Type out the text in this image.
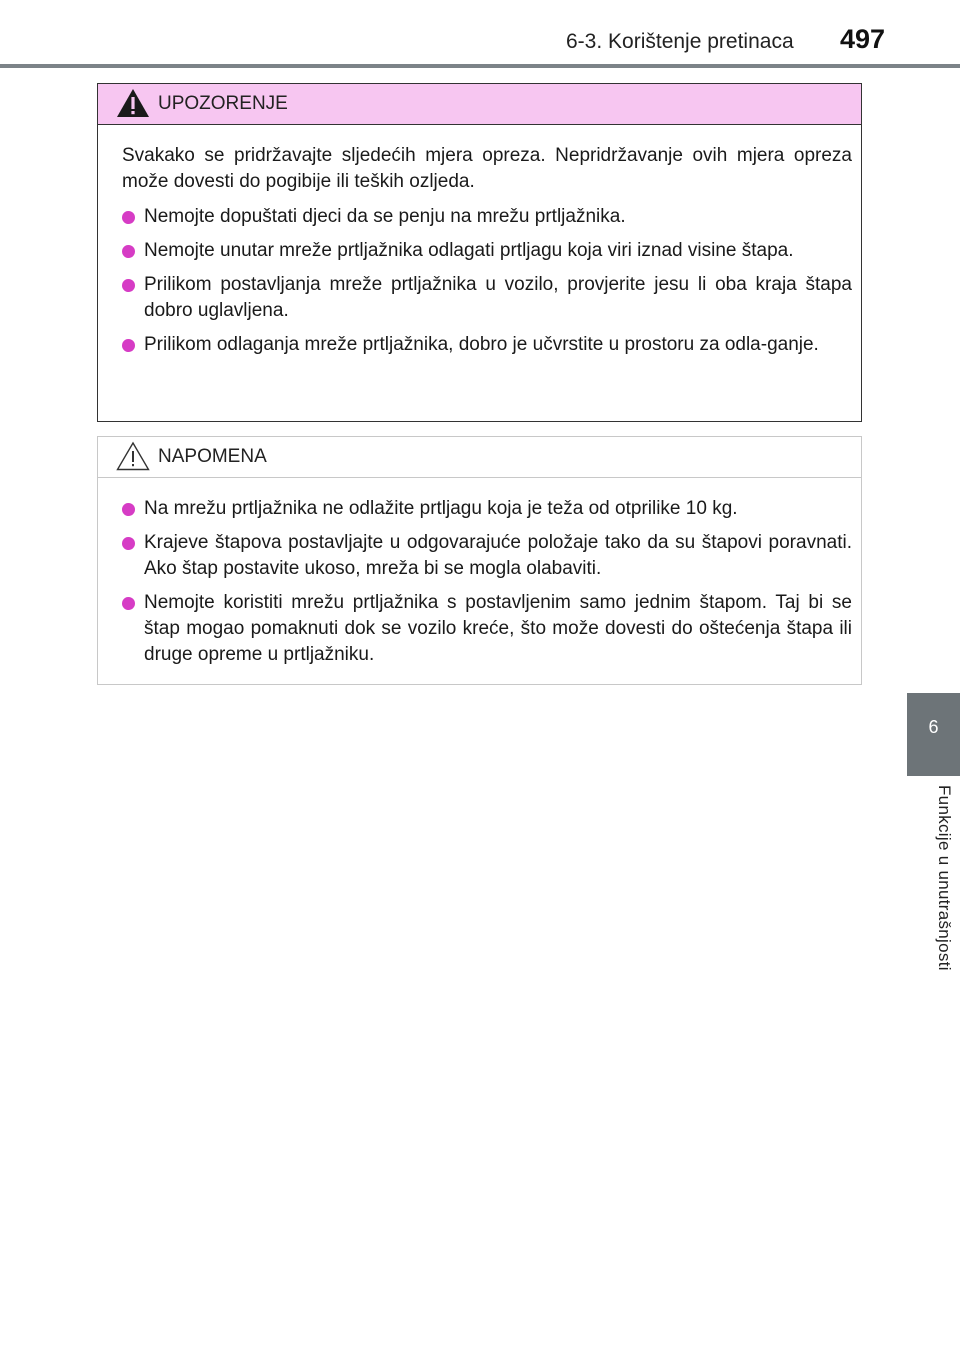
6-3. Korištenje pretinaca 497
6
Funkcije u unutrašnjosti
UPOZORENJE

Svakako se pridržavajte sljedećih mjera opreza. Nepridržavanje ovih mjera opreza može dovesti do pogibije ili teških ozljeda.

Nemojte dopuštati djeci da se penju na mrežu prtljažnika.
Nemojte unutar mreže prtljažnika odlagati prtljagu koja viri iznad visine štapa.
Prilikom postavljanja mreže prtljažnika u vozilo, provjerite jesu li oba kraja štapa dobro uglavljena.
Prilikom odlaganja mreže prtljažnika, dobro je učvrstite u prostoru za odla-ganje.
NAPOMENA
Na mrežu prtljažnika ne odlažite prtljagu koja je teža od otprilike 10 kg.
Krajeve štapova postavljajte u odgovarajuće položaje tako da su štapovi poravnati. Ako štap postavite ukoso, mreža bi se mogla olabaviti.
Nemojte koristiti mrežu prtljažnika s postavljenim samo jednim štapom. Taj bi se štap mogao pomaknuti dok se vozilo kreće, što može dovesti do oštećenja štapa ili druge opreme u prtljažniku.
